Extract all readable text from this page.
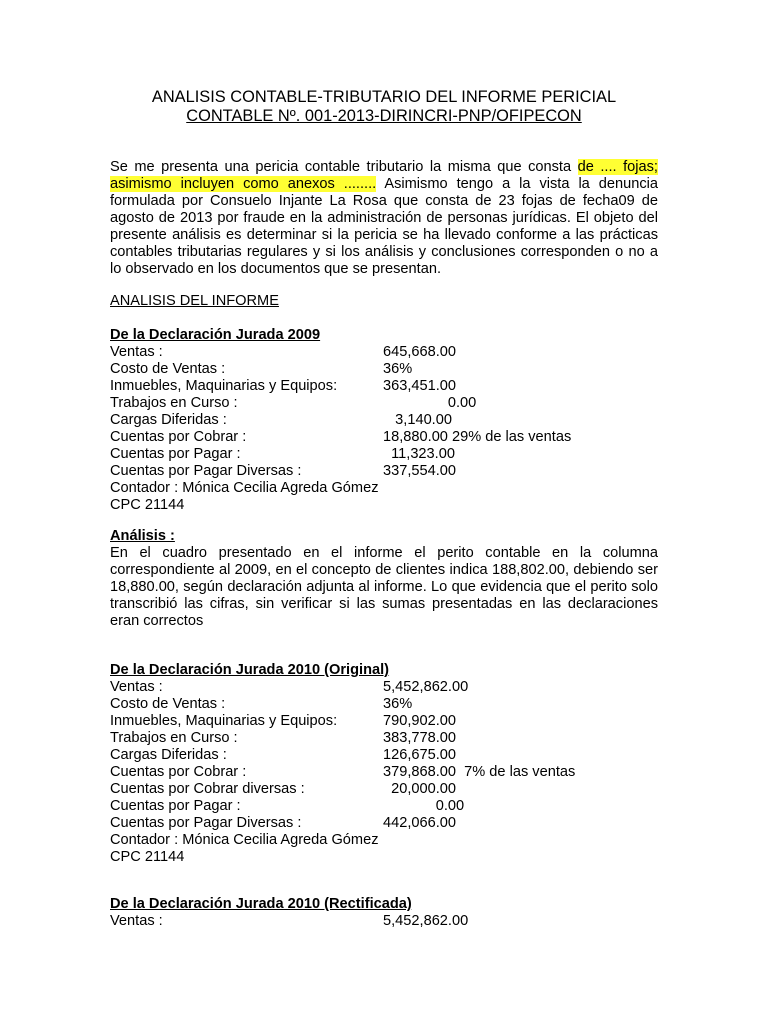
ANALISIS CONTABLE-TRIBUTARIO DEL INFORME PERICIAL
CONTABLE Nº. 001-2013-DIRINCRI-PNP/OFIPECON
Se me presenta una pericia contable tributario la misma que consta de .... fojas; asimismo incluyen como anexos ........ Asimismo tengo a la vista la denuncia formulada por Consuelo Injante La Rosa que consta de 23 fojas de fecha09 de agosto de 2013 por fraude en la administración de personas jurídicas. El objeto del presente análisis es determinar si la pericia se ha llevado conforme a las prácticas contables tributarias regulares y si los análisis y conclusiones corresponden o no a lo observado en los documentos que se presentan.
ANALISIS DEL INFORME
De la Declaración Jurada 2009
Ventas :	645,668.00
Costo de Ventas :	36%
Inmuebles, Maquinarias y Equipos:	363,451.00
Trabajos en Curso :	0.00
Cargas Diferidas :	3,140.00
Cuentas por Cobrar :	18,880.00 29% de las ventas
Cuentas por Pagar :	11,323.00
Cuentas por Pagar Diversas :	337,554.00
Contador : Mónica Cecilia Agreda Gómez
CPC 21144
Análisis :
En el cuadro presentado en el informe el perito contable en la columna correspondiente al 2009, en el concepto de clientes indica 188,802.00, debiendo ser 18,880.00, según declaración adjunta al informe. Lo que evidencia que el perito solo transcribió las cifras, sin verificar si las sumas presentadas en las declaraciones eran correctos
De la Declaración Jurada 2010 (Original)
Ventas :	5,452,862.00
Costo de Ventas :	36%
Inmuebles, Maquinarias y Equipos:	790,902.00
Trabajos en Curso :	383,778.00
Cargas Diferidas :	126,675.00
Cuentas por Cobrar :	379,868.00  7% de las ventas
Cuentas por Cobrar diversas :	20,000.00
Cuentas por Pagar :	0.00
Cuentas por Pagar Diversas :	442,066.00
Contador : Mónica Cecilia Agreda Gómez
CPC 21144
De la Declaración Jurada 2010 (Rectificada)
Ventas :	5,452,862.00
